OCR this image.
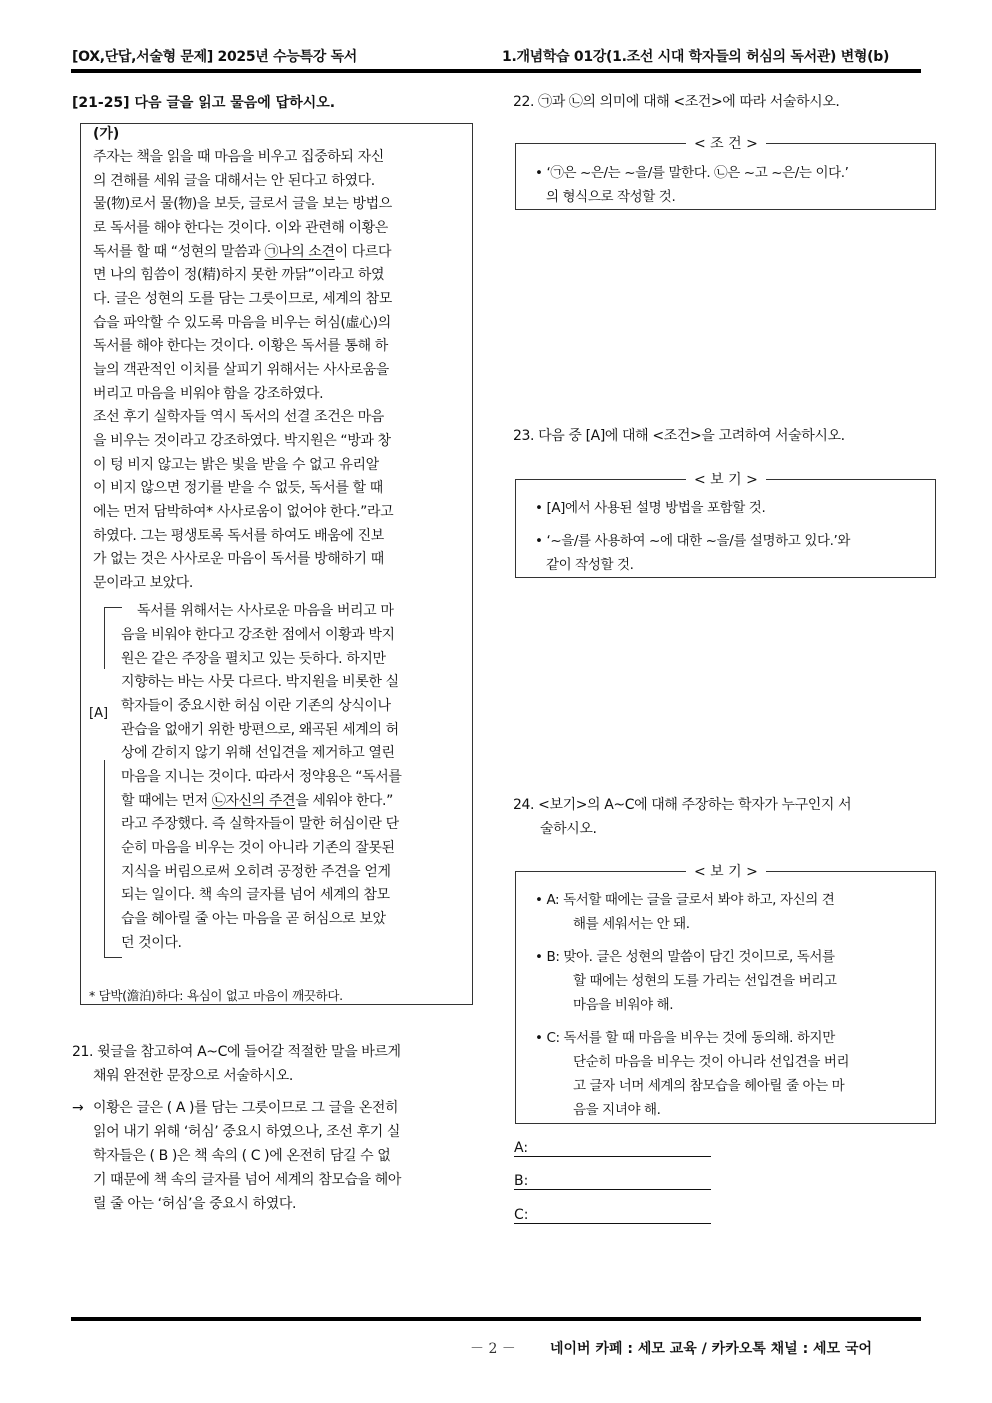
[OX,단답,서술형 문제] 2025년 수능특강 독서	1.개념학습 01강(1.조선 시대 학자들의 허심의 독서관) 변형(b)
[21-25] 다음 글을 읽고 물음에 답하시오.
(가)
주자는 책을 읽을 때 마음을 비우고 집중하되 자신
의 견해를 세워 글을 대해서는 안 된다고 하였다.
물(物)로서 물(物)을 보듯, 글로서 글을 보는 방법으
로 독서를 해야 한다는 것이다. 이와 관련해 이황은
독서를 할 때 “성현의 말씀과 ㉠나의 소견이 다르다
면 나의 힘씀이 정(精)하지 못한 까닭”이라고 하였
다. 글은 성현의 도를 담는 그릇이므로, 세계의 참모
습을 파악할 수 있도록 마음을 비우는 허심(虛心)의
독서를 해야 한다는 것이다. 이황은 독서를 통해 하
늘의 객관적인 이치를 살피기 위해서는 사사로움을
버리고 마음을 비워야 함을 강조하였다.
조선 후기 실학자들 역시 독서의 선결 조건은 마음
을 비우는 것이라고 강조하였다. 박지원은 “방과 창
이 텅 비지 않고는 밝은 빛을 받을 수 없고 유리알
이 비지 않으면 정기를 받을 수 없듯, 독서를 할 때
에는 먼저 담박하여* 사사로움이 없어야 한다.”라고
하였다. 그는 평생토록 독서를 하여도 배움에 진보
가 없는 것은 사사로운 마음이 독서를 방해하기 때
문이라고 보았다.
[A]
독서를 위해서는 사사로운 마음을 버리고 마
음을 비워야 한다고 강조한 점에서 이황과 박지
원은 같은 주장을 펼치고 있는 듯하다. 하지만
지향하는 바는 사뭇 다르다. 박지원을 비롯한 실
학자들이 중요시한 허심 이란 기존의 상식이나
관습을 없애기 위한 방편으로, 왜곡된 세계의 허
상에 갇히지 않기 위해 선입견을 제거하고 열린
마음을 지니는 것이다. 따라서 정약용은 “독서를
할 때에는 먼저 ㉡자신의 주견을 세워야 한다.”
라고 주장했다. 즉 실학자들이 말한 허심이란 단
순히 마음을 비우는 것이 아니라 기존의 잘못된
지식을 버림으로써 오히려 공정한 주견을 얻게
되는 일이다. 책 속의 글자를 넘어 세계의 참모
습을 헤아릴 줄 아는 마음을 곧 허심으로 보았
던 것이다.
* 담박(澹泊)하다: 욕심이 없고 마음이 깨끗하다.
21. 윗글을 참고하여 A~C에 들어갈 적절한 말을 바르게
채워 완전한 문장으로 서술하시오.
→ 이황은 글은 ( A )를 담는 그릇이므로 그 글을 온전히
읽어 내기 위해 ‘허심’ 중요시 하였으나, 조선 후기 실
학자들은 ( B )은 책 속의 ( C )에 온전히 담길 수 없
기 때문에 책 속의 글자를 넘어 세계의 참모습을 헤아
릴 줄 아는 ‘허심’을 중요시 하였다.
22. ㉠과 ㉡의 의미에 대해 <조건>에 따라 서술하시오.
< 조 건 >
• ‘㉠은 ~은/는 ~을/를 말한다. ㉡은 ~고 ~은/는 이다.’
의 형식으로 작성할 것.
23. 다음 중 [A]에 대해 <조건>을 고려하여 서술하시오.
< 보 기 >
• [A]에서 사용된 설명 방법을 포함할 것.
• ‘~을/를 사용하여 ~에 대한 ~을/를 설명하고 있다.’와
같이 작성할 것.
24. <보기>의 A~C에 대해 주장하는 학자가 누구인지 서
술하시오.
< 보 기 >
• A: 독서할 때에는 글을 글로서 봐야 하고, 자신의 견
해를 세워서는 안 돼.
• B: 맞아. 글은 성현의 말씀이 담긴 것이므로, 독서를
할 때에는 성현의 도를 가리는 선입견을 버리고
마음을 비워야 해.
• C: 독서를 할 때 마음을 비우는 것에 동의해. 하지만
단순히 마음을 비우는 것이 아니라 선입견을 버리
고 글자 너머 세계의 참모습을 헤아릴 줄 아는 마
음을 지녀야 해.
A:
B:
C:
－ 2 － 네이버 카페 : 세모 교육 / 카카오톡 채널 : 세모 국어
